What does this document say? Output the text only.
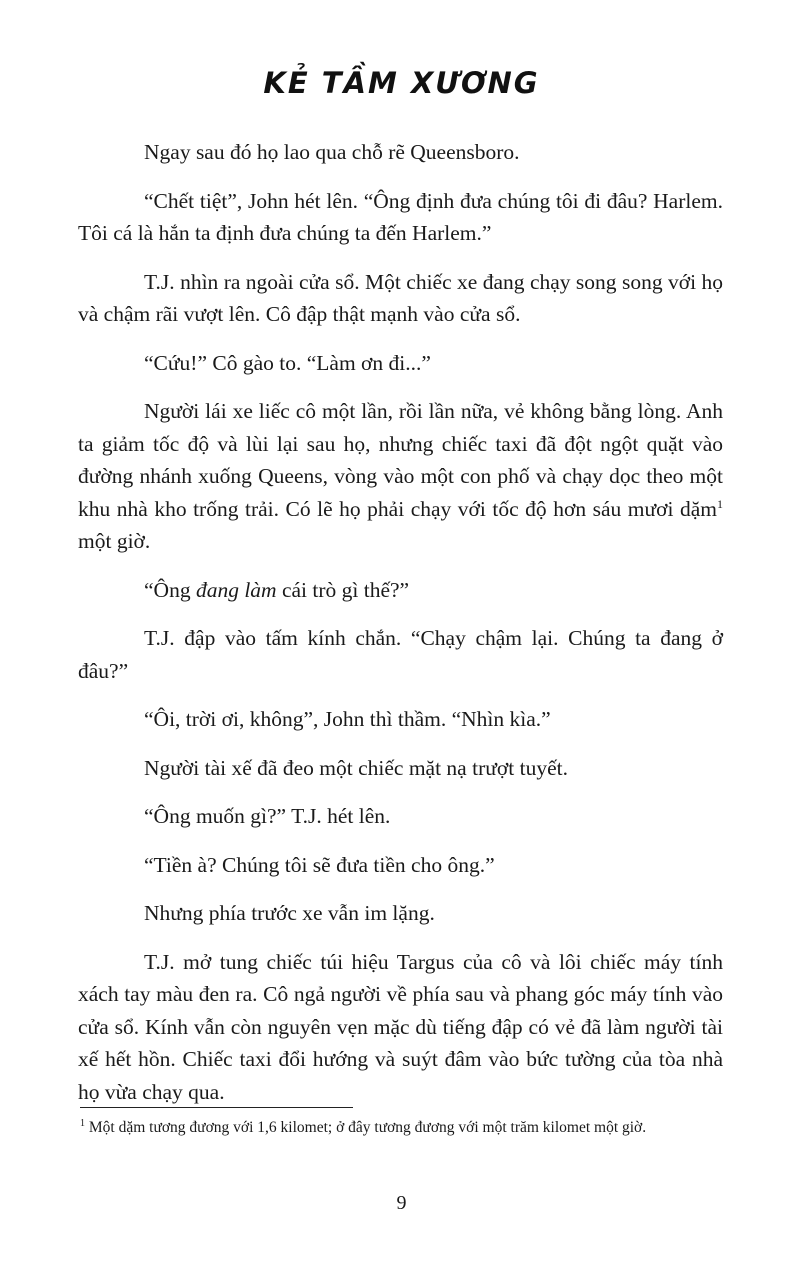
KẺ TẦM XƯƠNG

Ngay sau đó họ lao qua chỗ rẽ Queensboro.

“Chết tiệt”, John hét lên. “Ông định đưa chúng tôi đi đâu? Harlem. Tôi cá là hắn ta định đưa chúng ta đến Harlem.”

T.J. nhìn ra ngoài cửa sổ. Một chiếc xe đang chạy song song với họ và chậm rãi vượt lên. Cô đập thật mạnh vào cửa sổ.

“Cứu!” Cô gào to. “Làm ơn đi...”

Người lái xe liếc cô một lần, rồi lần nữa, vẻ không bằng lòng. Anh ta giảm tốc độ và lùi lại sau họ, nhưng chiếc taxi đã đột ngột quặt vào đường nhánh xuống Queens, vòng vào một con phố và chạy dọc theo một khu nhà kho trống trải. Có lẽ họ phải chạy với tốc độ hơn sáu mươi dặm$^1$ một giờ.

“Ông đang làm cái trò gì thế?”

T.J. đập vào tấm kính chắn. “Chạy chậm lại. Chúng ta đang ở đâu?”

“Ôi, trời ơi, không”, John thì thầm. “Nhìn kìa.”

Người tài xế đã đeo một chiếc mặt nạ trượt tuyết.

“Ông muốn gì?” T.J. hét lên.

“Tiền à? Chúng tôi sẽ đưa tiền cho ông.”

Nhưng phía trước xe vẫn im lặng.

T.J. mở tung chiếc túi hiệu Targus của cô và lôi chiếc máy tính xách tay màu đen ra. Cô ngả người về phía sau và phang góc máy tính vào cửa sổ. Kính vẫn còn nguyên vẹn mặc dù tiếng đập có vẻ đã làm người tài xế hết hồn. Chiếc taxi đổi hướng và suýt đâm vào bức tường của tòa nhà họ vừa chạy qua.

$^1$ Một dặm tương đương với 1,6 kilomet; ở đây tương đương với một trăm kilomet một giờ.
9
